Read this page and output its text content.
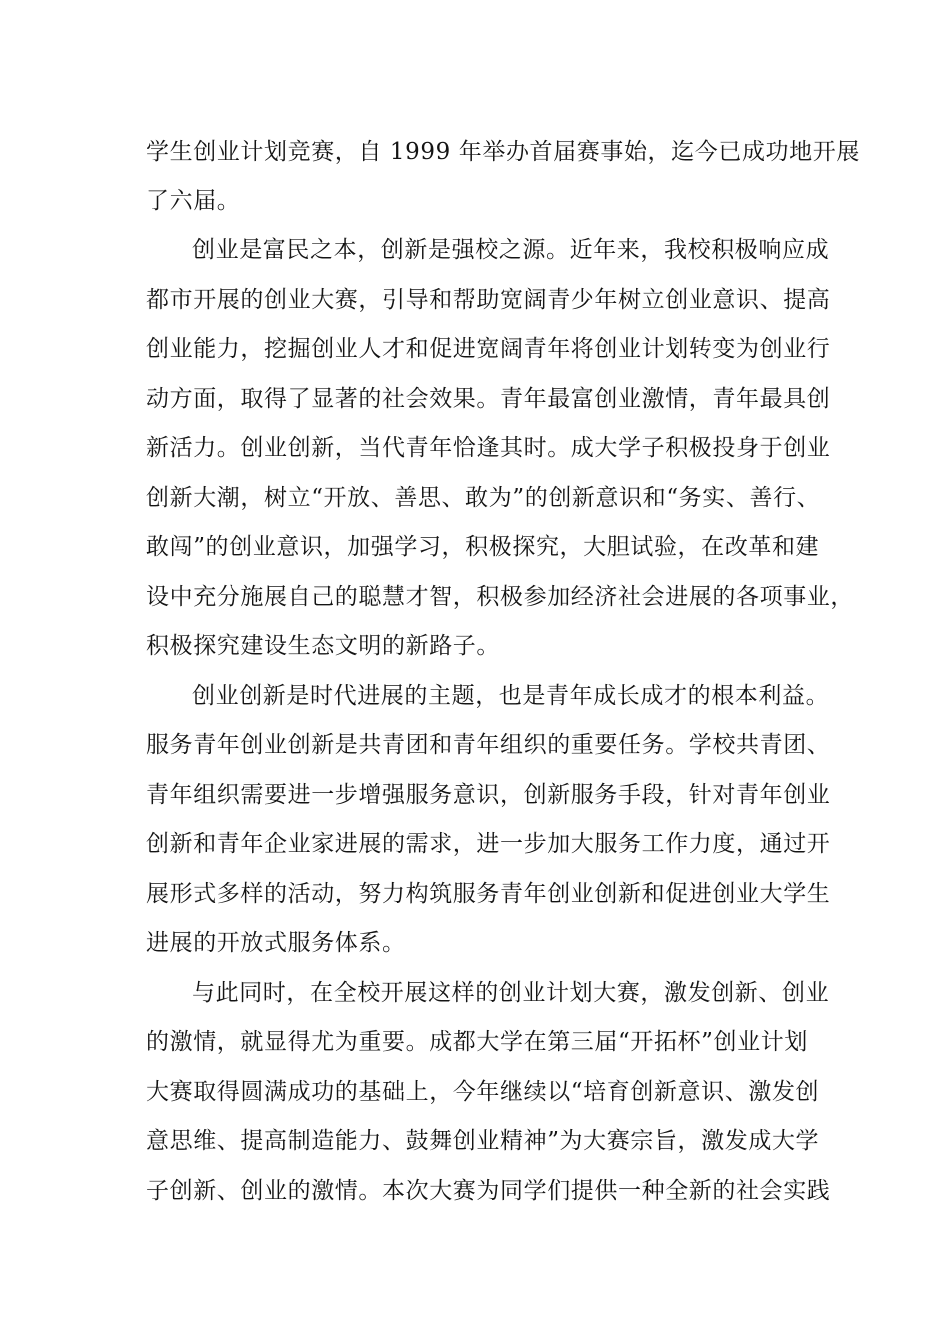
学生创业计划竞赛，自 1999 年举办首届赛事始，迄今已成功地开展
了六届。
创业是富民之本，创新是强校之源。近年来，我校积极响应成
都市开展的创业大赛，引导和帮助宽阔青少年树立创业意识、提高
创业能力，挖掘创业人才和促进宽阔青年将创业计划转变为创业行
动方面，取得了显著的社会效果。青年最富创业激情，青年最具创
新活力。创业创新，当代青年恰逢其时。成大学子积极投身于创业
创新大潮，树立“开放、善思、敢为”的创新意识和“务实、善行、
敢闯”的创业意识，加强学习，积极探究，大胆试验，在改革和建
设中充分施展自己的聪慧才智，积极参加经济社会进展的各项事业，
积极探究建设生态文明的新路子。
创业创新是时代进展的主题，也是青年成长成才的根本利益。
服务青年创业创新是共青团和青年组织的重要任务。学校共青团、
青年组织需要进一步增强服务意识，创新服务手段，针对青年创业
创新和青年企业家进展的需求，进一步加大服务工作力度，通过开
展形式多样的活动，努力构筑服务青年创业创新和促进创业大学生
进展的开放式服务体系。
与此同时，在全校开展这样的创业计划大赛，激发创新、创业
的激情，就显得尤为重要。成都大学在第三届“开拓杯”创业计划
大赛取得圆满成功的基础上，今年继续以“培育创新意识、激发创
意思维、提高制造能力、鼓舞创业精神”为大赛宗旨，激发成大学
子创新、创业的激情。本次大赛为同学们提供一种全新的社会实践
